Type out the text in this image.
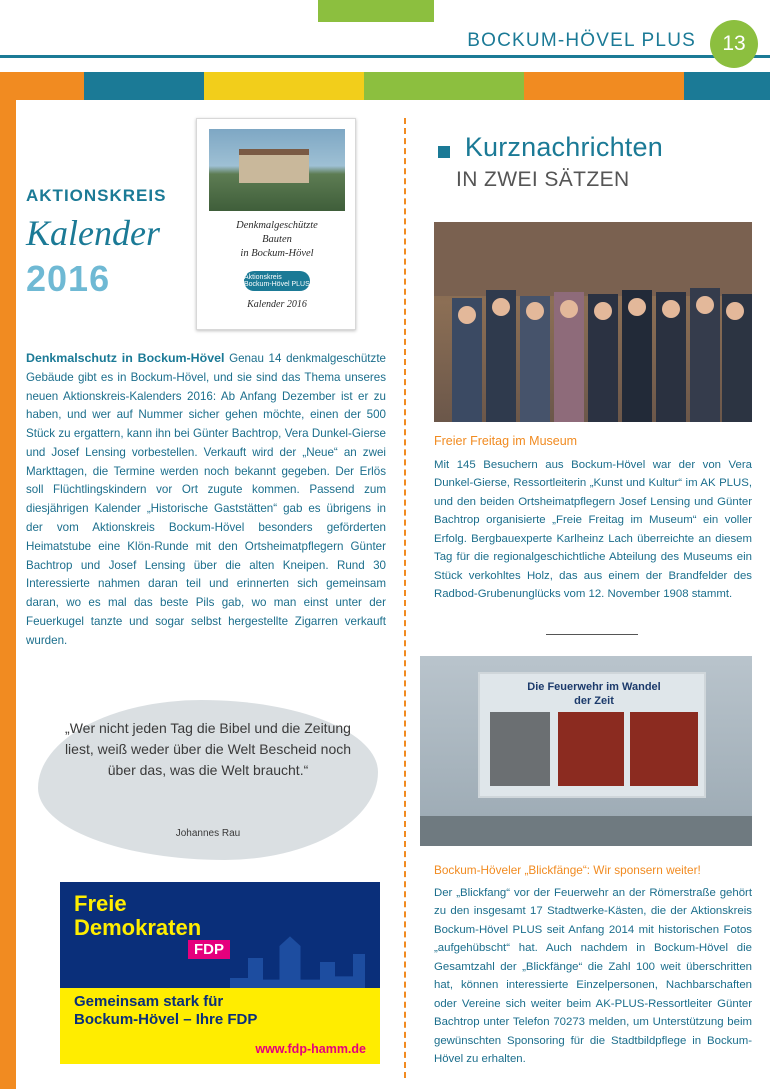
BOCKUM-HÖVEL PLUS	13
Denkmalgeschützte
Bauten
in Bockum-Hövel
Aktionskreis Bockum-Hövel PLUS
Kalender 2016
AKTIONSKREIS
Kalender
2016
Denkmalschutz in Bockum-Hövel Genau 14 denkmalgeschützte Gebäude gibt es in Bockum-Hövel, und sie sind das Thema unseres neuen Aktionskreis-Kalenders 2016: Ab Anfang Dezember ist er zu haben, und wer auf Nummer sicher gehen möchte, einen der 500 Stück zu ergattern, kann ihn bei Günter Bachtrop, Vera Dunkel-Gierse und Josef Lensing vorbestellen. Verkauft wird der „Neue“ an zwei Markttagen, die Termine werden noch bekannt gegeben. Der Erlös soll Flüchtlingskindern vor Ort zugute kommen. Passend zum diesjährigen Kalender „Historische Gaststätten“ gab es übrigens in der vom Aktionskreis Bockum-Hövel besonders geförderten Heimatstube eine Klön-Runde mit den Ortsheimatpflegern Günter Bachtrop und Josef Lensing über die alten Kneipen. Rund 30 Interessierte nahmen daran teil und erinnerten sich gemeinsam daran, wo es mal das beste Pils gab, wo man einst unter der Feuerkugel tanzte und sogar selbst hergestellte Zigarren verkauft wurden.
„Wer nicht jeden Tag die Bibel und die Zeitung liest, weiß weder über die Welt Bescheid noch über das, was die Welt braucht.“
Johannes Rau
Freie
Demokraten
FDP
Gemeinsam stark für
Bockum-Hövel – Ihre FDP
www.fdp-hamm.de
Kurznachrichten
IN ZWEI SÄTZEN
Freier Freitag im Museum
Mit 145 Besuchern aus Bockum-Hövel war der von Vera Dunkel-Gierse, Ressortleiterin „Kunst und Kultur“ im AK PLUS, und den beiden Ortsheimatpflegern Josef Lensing und Günter Bachtrop organisierte „Freie Freitag im Museum“ ein voller Erfolg. Bergbauexperte Karlheinz Lach überreichte an diesem Tag für die regionalgeschichtliche Abteilung des Museums ein Stück verkohltes Holz, das aus einem der Brandfelder des Radbod-Grubenunglücks vom 12. November 1908 stammt.
Die Feuerwehr im Wandel
der Zeit
Bockum-Höveler „Blickfänge“: Wir sponsern weiter!
Der „Blickfang“ vor der Feuerwehr an der Römerstraße gehört zu den insgesamt 17 Stadtwerke-Kästen, die der Aktionskreis Bockum-Hövel PLUS seit Anfang 2014 mit historischen Fotos „aufgehübscht“ hat. Auch nachdem in Bockum-Hövel die Gesamtzahl der „Blickfänge“ die Zahl 100 weit überschritten hat, können interessierte Einzelpersonen, Nachbarschaften oder Vereine sich weiter beim AK-PLUS-Ressortleiter Günter Bachtrop unter Telefon 70273 melden, um Unterstützung beim gewünschten Sponsoring für die Stadtbildpflege in Bockum-Hövel zu erhalten.
